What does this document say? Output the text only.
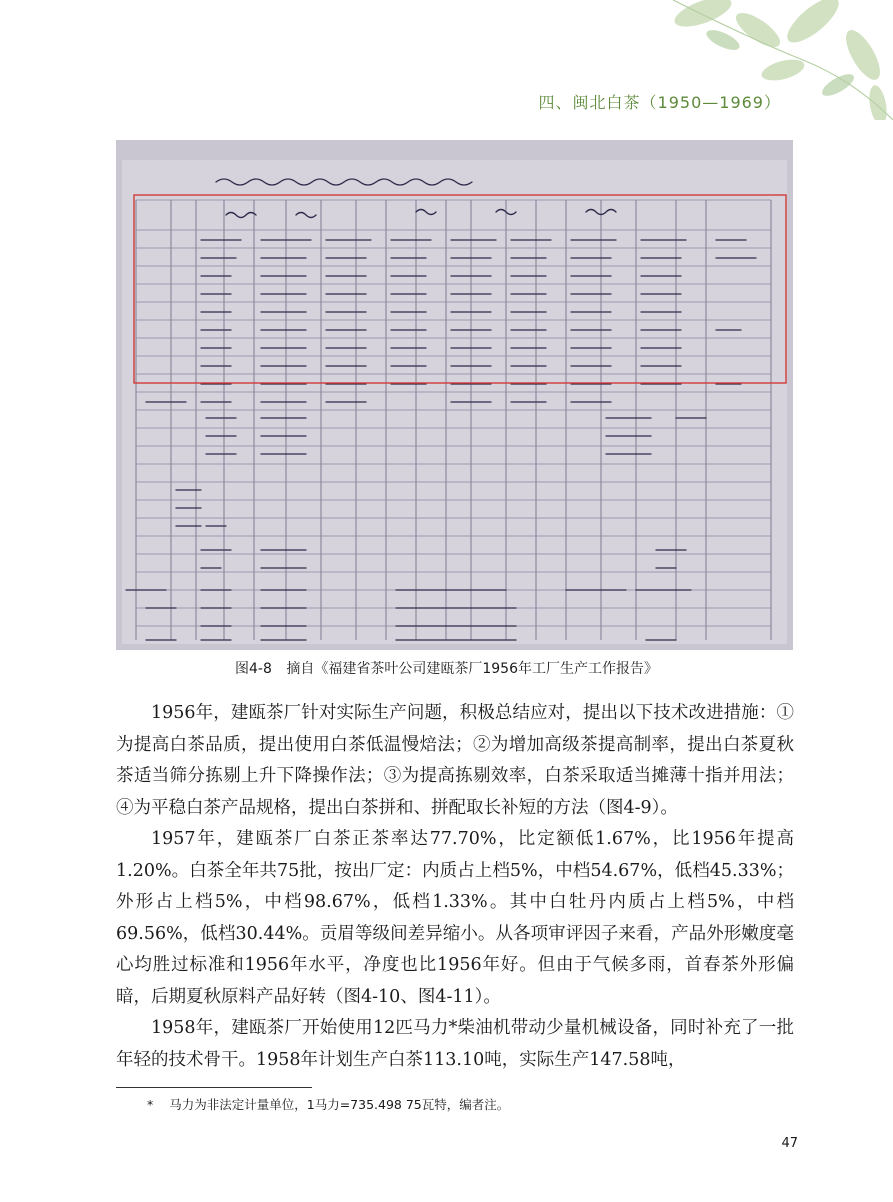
四、闽北白茶（1950—1969）
图4-8 摘自《福建省茶叶公司建瓯茶厂1956年工厂生产工作报告》

1956年，建瓯茶厂针对实际生产问题，积极总结应对，提出以下技术改进措施：①为提高白茶品质，提出使用白茶低温慢焙法；②为增加高级茶提高制率，提出白茶夏秋茶适当筛分拣剔上升下降操作法；③为提高拣剔效率，白茶采取适当摊薄十指并用法；④为平稳白茶产品规格，提出白茶拼和、拼配取长补短的方法（图4-9）。

1957年，建瓯茶厂白茶正茶率达77.70%，比定额低1.67%，比1956年提高1.20%。白茶全年共75批，按出厂定：内质占上档5%，中档54.67%，低档45.33%；外形占上档5%，中档98.67%，低档1.33%。其中白牡丹内质占上档5%，中档69.56%，低档30.44%。贡眉等级间差异缩小。从各项审评因子来看，产品外形嫩度毫心均胜过标准和1956年水平，净度也比1956年好。但由于气候多雨，首春茶外形偏暗，后期夏秋原料产品好转（图4-10、图4-11）。

1958年，建瓯茶厂开始使用12匹马力*柴油机带动少量机械设备，同时补充了一批年轻的技术骨干。1958年计划生产白茶113.10吨，实际生产147.58吨，

* 马力为非法定计量单位，1马力=735.498 75瓦特，编者注。
47
